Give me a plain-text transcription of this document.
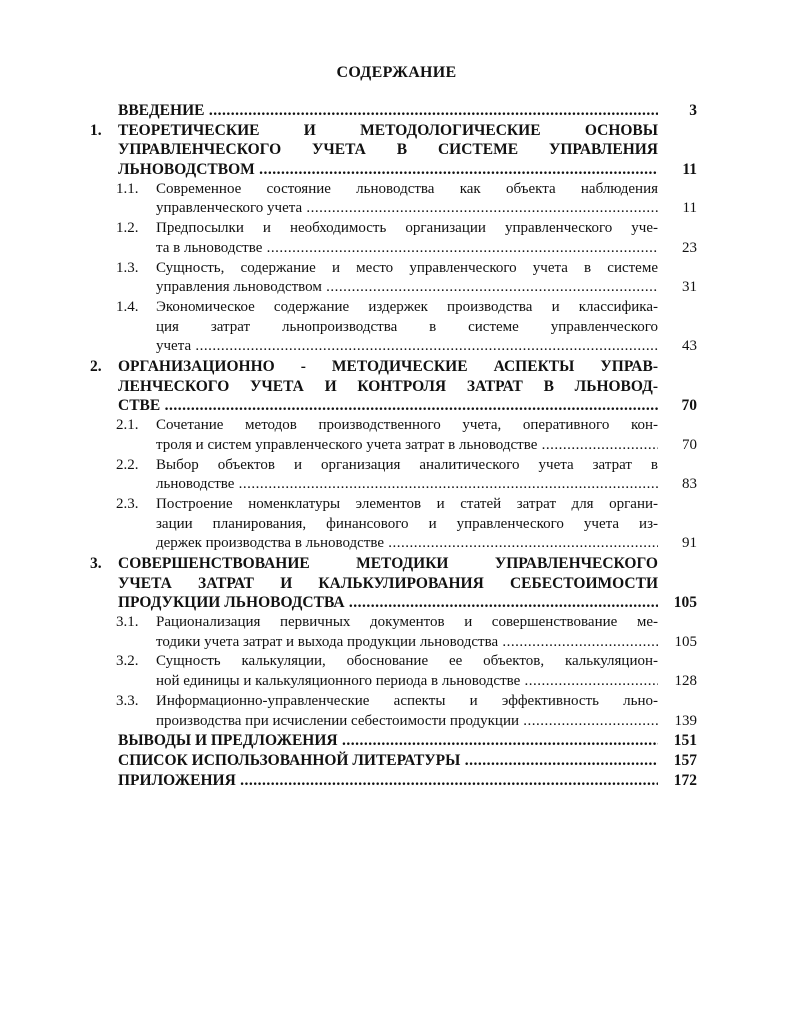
СОДЕРЖАНИЕ
ВВЕДЕНИЕ .....	3
1. ТЕОРЕТИЧЕСКИЕ И МЕТОДОЛОГИЧЕСКИЕ ОСНОВЫ
УПРАВЛЕНЧЕСКОГО УЧЕТА В СИСТЕМЕ УПРАВЛЕНИЯ
ЛЬНОВОДСТВОМ .....	11
1.1. Современное состояние льноводства как объекта наблюдения
управленческого учета .....	11
1.2. Предпосылки и необходимость организации управленческого уче-
та в льноводстве .....	23
1.3. Сущность, содержание и место управленческого учета в системе
управления льноводством .....	31
1.4. Экономическое содержание издержек производства и классифика-
ция затрат льнопроизводства в системе управленческого
учета .....	43
2. ОРГАНИЗАЦИОННО - МЕТОДИЧЕСКИЕ АСПЕКТЫ УПРАВ-
ЛЕНЧЕСКОГО УЧЕТА И КОНТРОЛЯ ЗАТРАТ В ЛЬНОВОД-
СТВЕ .....	70
2.1. Сочетание методов производственного учета, оперативного кон-
троля и систем управленческого учета затрат в льноводстве .....	70
2.2. Выбор объектов и организация аналитического учета затрат в
льноводстве .....	83
2.3. Построение номенклатуры элементов и статей затрат для органи-
зации планирования, финансового и управленческого учета из-
держек производства в льноводстве .....	91
3. СОВЕРШЕНСТВОВАНИЕ МЕТОДИКИ УПРАВЛЕНЧЕСКОГО
УЧЕТА ЗАТРАТ И КАЛЬКУЛИРОВАНИЯ СЕБЕСТОИМОСТИ
ПРОДУКЦИИ ЛЬНОВОДСТВА .....	105
3.1. Рационализация первичных документов и совершенствование ме-
тодики учета затрат и выхода продукции льноводства .....	105
3.2. Сущность калькуляции, обоснование ее объектов, калькуляцион-
ной единицы и калькуляционного периода в льноводстве .....	128
3.3. Информационно-управленческие аспекты и эффективность льно-
производства при исчислении себестоимости продукции .....	139
ВЫВОДЫ И ПРЕДЛОЖЕНИЯ .....	151
СПИСОК ИСПОЛЬЗОВАННОЙ ЛИТЕРАТУРЫ .....	157
ПРИЛОЖЕНИЯ .....	172
